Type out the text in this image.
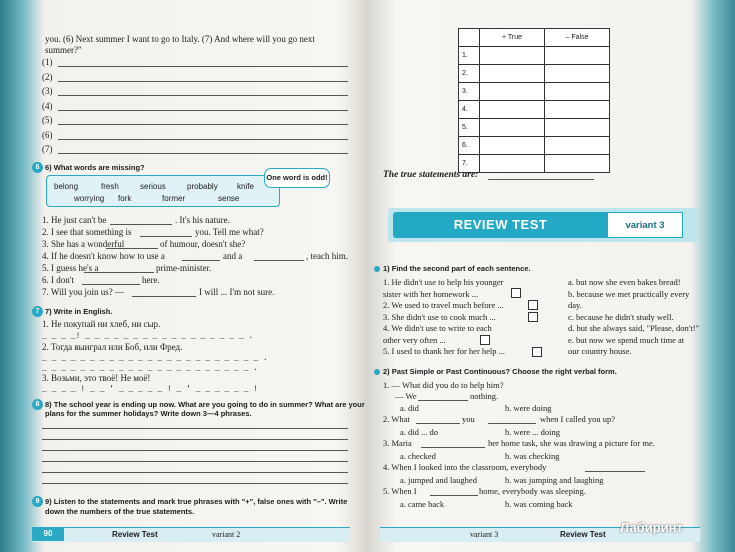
you. (6) Next summer I want to go to Italy. (7) And where will you go next
summer?"
(1)
(2)
(3)
(4)
(5)
(6)
(7)
6 6) What words are missing?
One word is odd!
belong	fresh	serious	probably knife
worrying fork	former	sense
1. He just can't be	. It's his nature.
2. I see that something is	you. Tell me what?
3. She has a wonderful	of humour, doesn't she?
4. If he doesn't know how to use a	and a	, teach him.
5. I guess he's a	prime-minister.
6. I don't	here.
7. Will you join us? —	I will ... I'm not sure.
7 7) Write in English.
1. Не покупай ни хлеб, ни сыр.
_ _ _ _! _ _ _ _ _ _ _ _ _ _ _ _ _ _ _ _ _ .
2. Тогда выиграл или Боб, или Фред.
_ _ _ _ _ _ _ _ _ _ _ _ _ _ _ _ _ _ _ _ _ _ _ .
_ _ _ _ _ _ _ _ _ _ _ _ _ _ _ _ _ _ _ _ _ _ .
3. Возьми, это твоё! Не моё!
_ _ _ _ ! _ _ ' _ _ _ _ _ ! _ ' _ _ _ _ _ _ !
8 8) The school year is ending up now. What are you going to do in summer? What are your
plans for the summer holidays? Write down 3—4 phrases.
9 9) Listen to the statements and mark true phrases with "+", false ones with "–". Write
down the numbers of the true statements.
90	Review Test	variant 2
	+ True	– False
1.		
2.		
3.		
4.		
5.		
6.		
7.		
The true statements are:
REVIEW TEST	variant 3
1) Find the second part of each sentence.
1. He didn't use to help his younger
sister with her homework ...
2. We used to travel much before ...
3. She didn't use to cook much ...
4. We didn't use to write to each
other very often ...
5. I used to thank her for her help ...
a. but now she even bakes bread!
b. because we met practically every
day.
c. because he didn't study well.
d. but she always said, "Please, don't!"
e. but now we spend much time at
our country house.
2) Past Simple or Past Continuous? Choose the right verbal form.
1. — What did you do to help him?
— We	nothing.
a. did	b. were doing
2. What	you	when I called you up?
a. did ... do	b. were ... doing
3. Maria	her home task, she was drawing a picture for me.
a. checked	b. was checking
4. When I looked into the classroom, everybody
a. jumped and laughed	b. was jumping and laughing
5. When I	home, everybody was sleeping.
a. came back	b. was coming back
variant 3	Review Test Лабиринт
